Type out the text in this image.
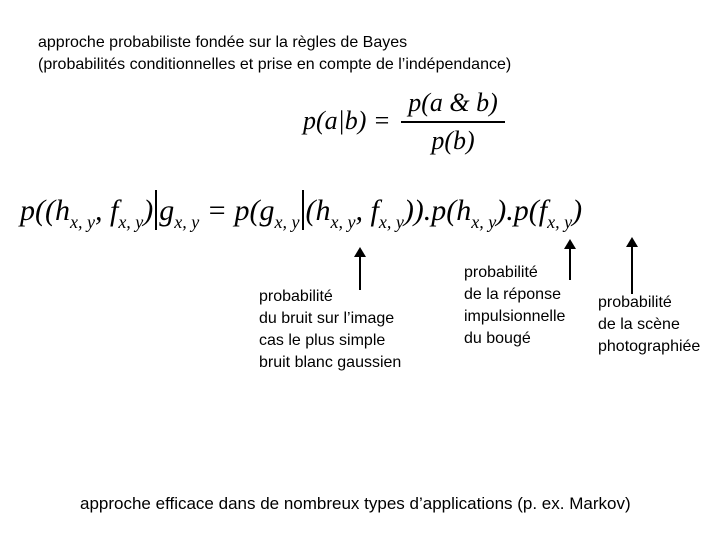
approche probabiliste fondée sur la règles de Bayes
(probabilités conditionnelles et prise en compte de l’indépendance)
p(a|b) =
p(a & b)
p(b)
$p((h_{x, y}$, $f_{x, y}$) $g_{x, y} = p(g_{x, y}$ ($h_{x, y}$, $f_{x, y})).p(h_{x, y}).p(f_{x, y})$
probabilité
du bruit sur l’image
cas le plus simple
bruit blanc gaussien
probabilité
de la réponse
impulsionnelle
du bougé
probabilité
de la scène
photographiée
approche efficace dans de nombreux types d’applications (p. ex. Markov)
